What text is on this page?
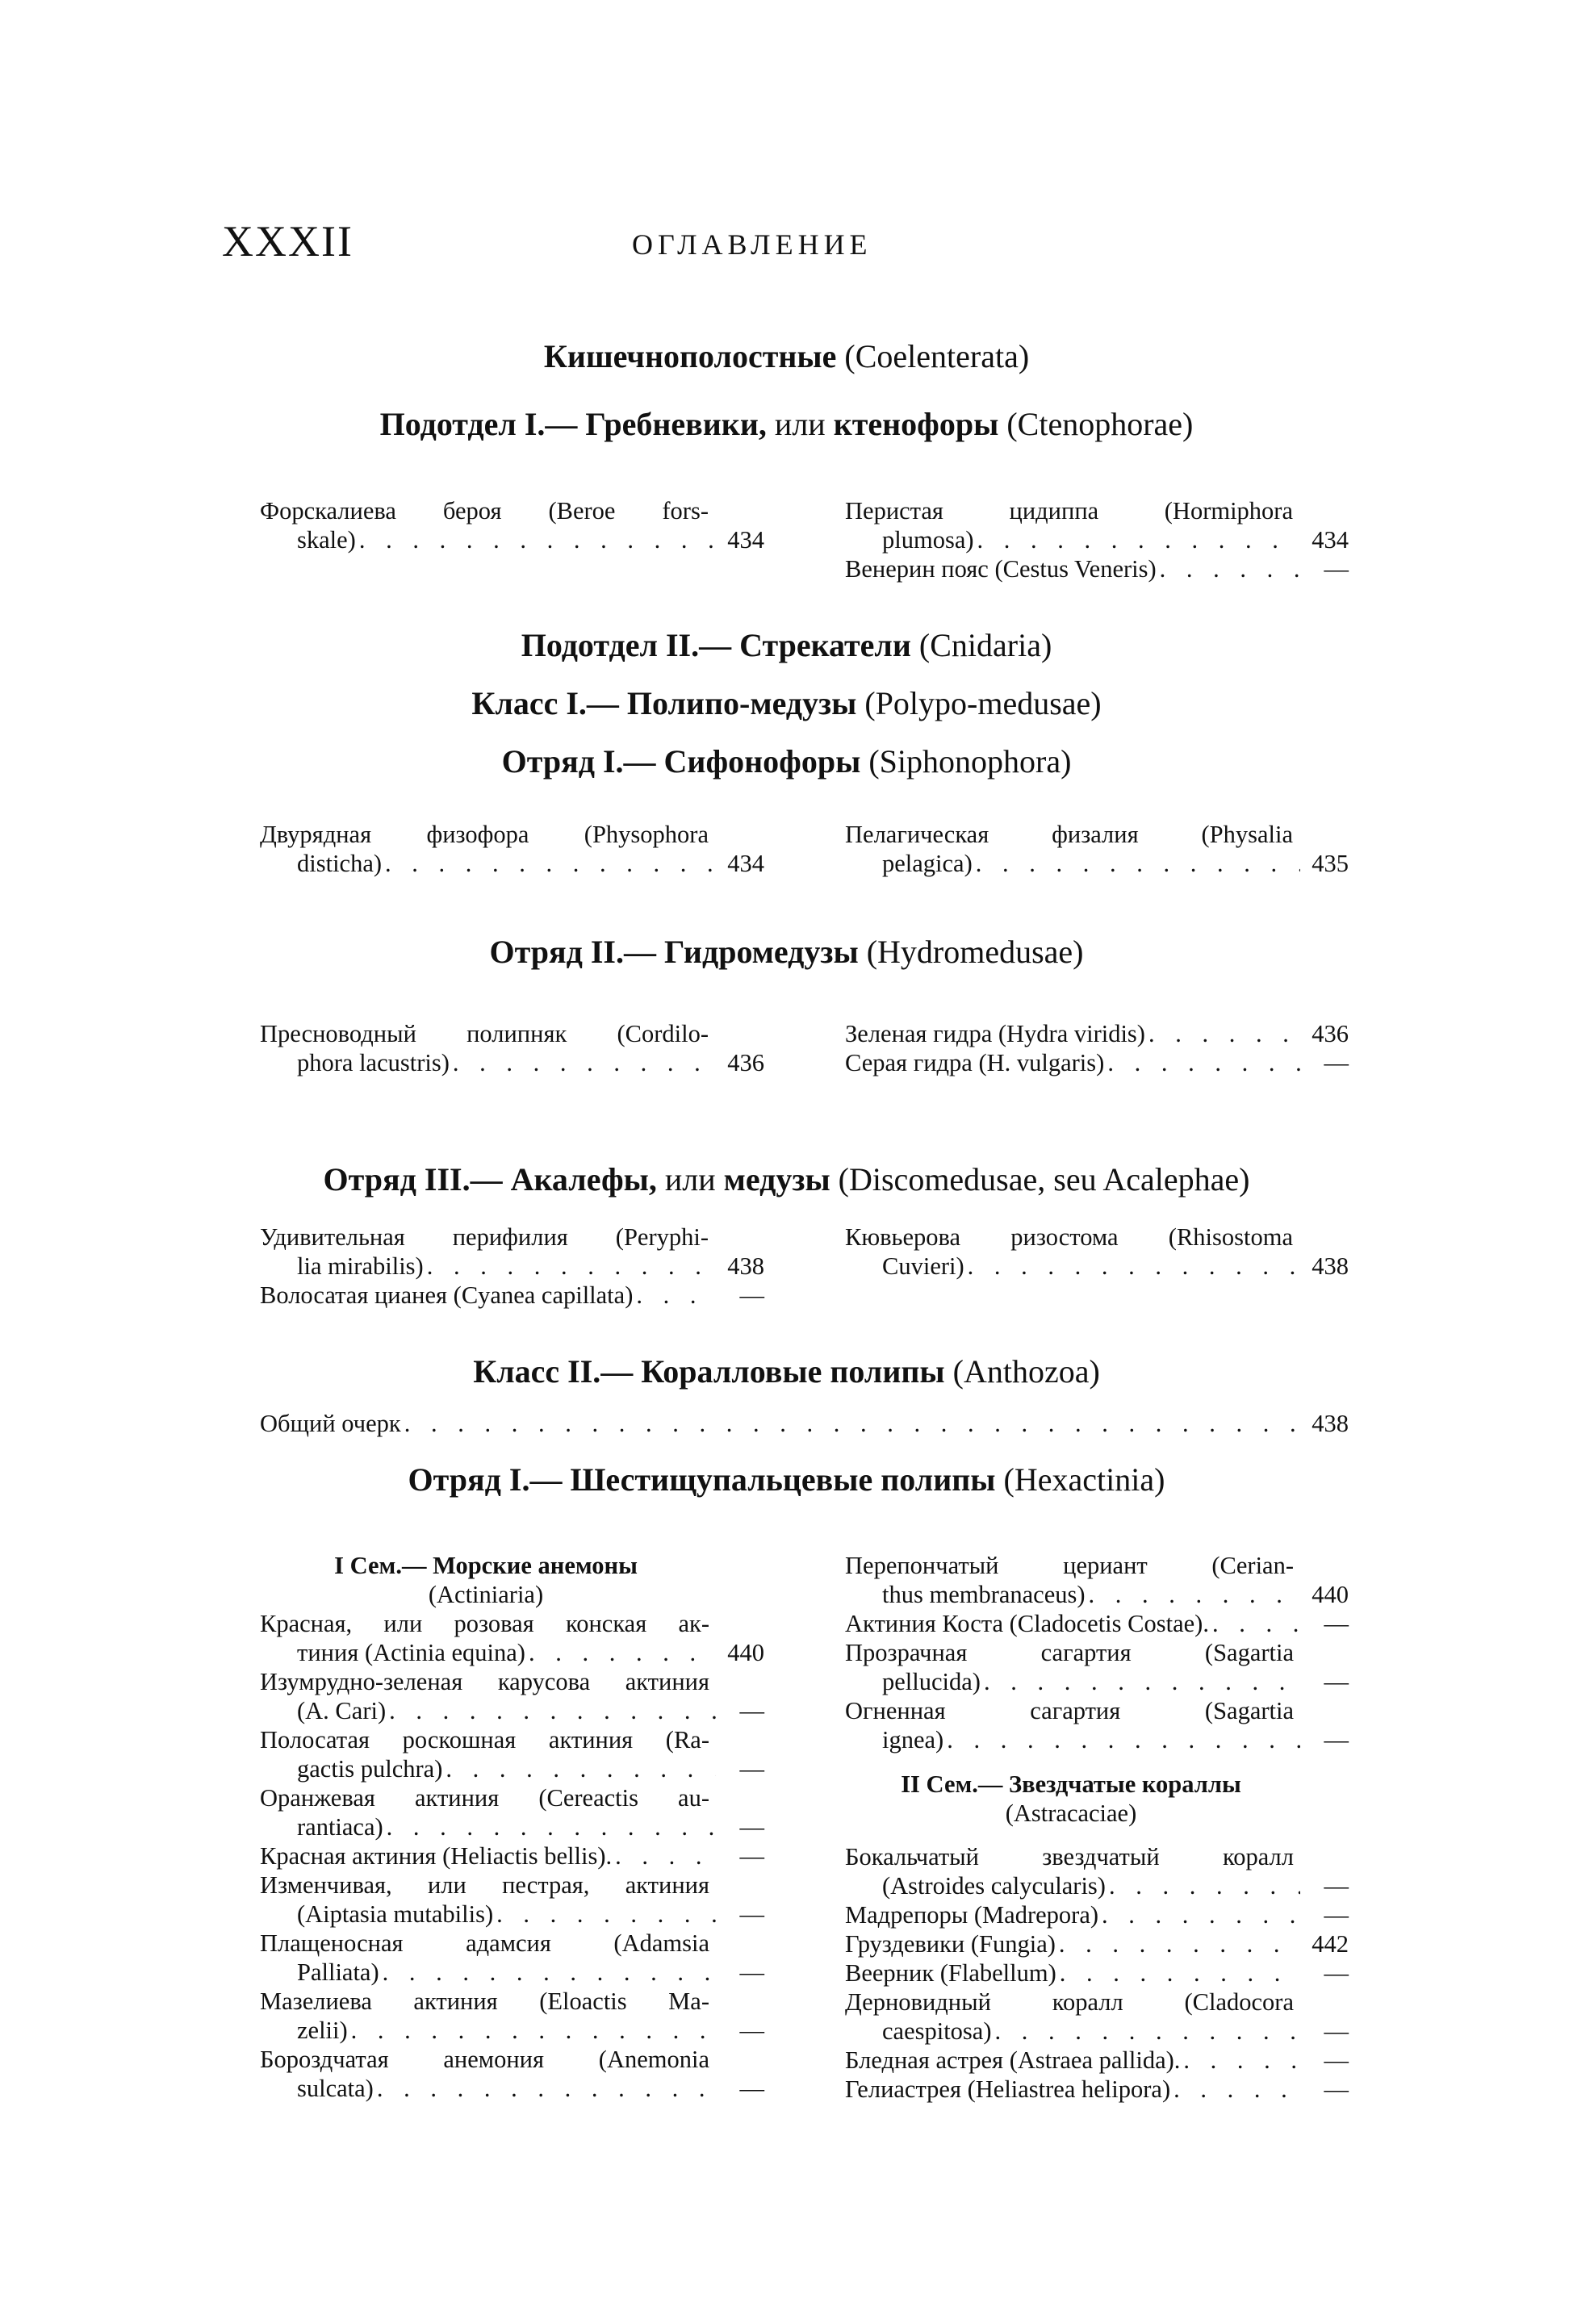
XXXII	ОГЛАВЛЕНИЕ
Кишечнополостные (Coelenterata)
Подотдел I.— Гребневики, или ктенофоры (Ctenophorae)
Форскалиева бероя (Beroe fors-
skale) . . .	434
Перистая цидиппа (Hormiphora
plumosa) . . .	434
Венерин пояс (Cestus Veneris) . . .	—
Подотдел II.— Стрекатели (Cnidaria)
Класс I.— Полипо-медузы (Polypo-medusae)
Отряд I.— Сифонофоры (Siphonophora)
Двурядная физофора (Physophora
disticha) . . .	434
Пелагическая физалия (Physalia
pelagica) . . .	435
Отряд II.— Гидромедузы (Hydromedusae)
Пресноводный полипняк (Cordilo-
phora lacustris) . . .	436
Зеленая гидра (Hydra viridis) . . .	436
Серая гидра (H. vulgaris) . . .	—
Отряд III.— Акалефы, или медузы (Discomedusae, seu Acalephae)
Удивительная перифилия (Peryphi-
lia mirabilis) . . .	438
Волосатая цианея (Cyanea capillata) . . .	—
Кювьерова ризостома (Rhisostoma
Cuvieri) . . .	438
Класс II.— Коралловые полипы (Anthozoa)
Общий очерк . . .	438
Отряд I.— Шестищупальцевые полипы (Hexactinia)
I Сем.— Морские анемоны
(Actiniaria)
II Сем.— Звездчатые кораллы
(Astracaciae)
Красная, или розовая конская ак-
тиния (Actinia equina) . . .	440
Изумрудно-зеленая карусова актиния
(A. Cari) . . .	—
Полосатая роскошная актиния (Ra-
gactis pulchra) . . .	—
Оранжевая актиния (Cereactis au-
rantiaca) . . .	—
Красная актиния (Heliactis bellis). . . .	—
Изменчивая, или пестрая, актиния
(Aiptasia mutabilis) . . .	—
Плащеносная адамсия (Adamsia
Palliata) . . .	—
Мазелиева актиния (Eloactis Ma-
zelii) . . .	—
Бороздчатая анемония (Anemonia
sulcata) . . .	—
Перепончатый цериант (Cerian-
thus membranaceus) . . .	440
Актиния Коста (Cladocetis Costae). . . .	—
Прозрачная сагартия (Sagartia
pellucida) . . .	—
Огненная сагартия (Sagartia
ignea) . . .	—
Бокальчатый звездчатый коралл
(Astroides calycularis) . . .	—
Мадрепоры (Madrepora) . . .	—
Груздевики (Fungia) . . .	442
Веерник (Flabellum) . . .	—
Дерновидный коралл (Cladocora
caespitosa) . . .	—
Бледная астрея (Astraea pallida). . . .	—
Гелиастрея (Heliastrea helipora) . . .	—
